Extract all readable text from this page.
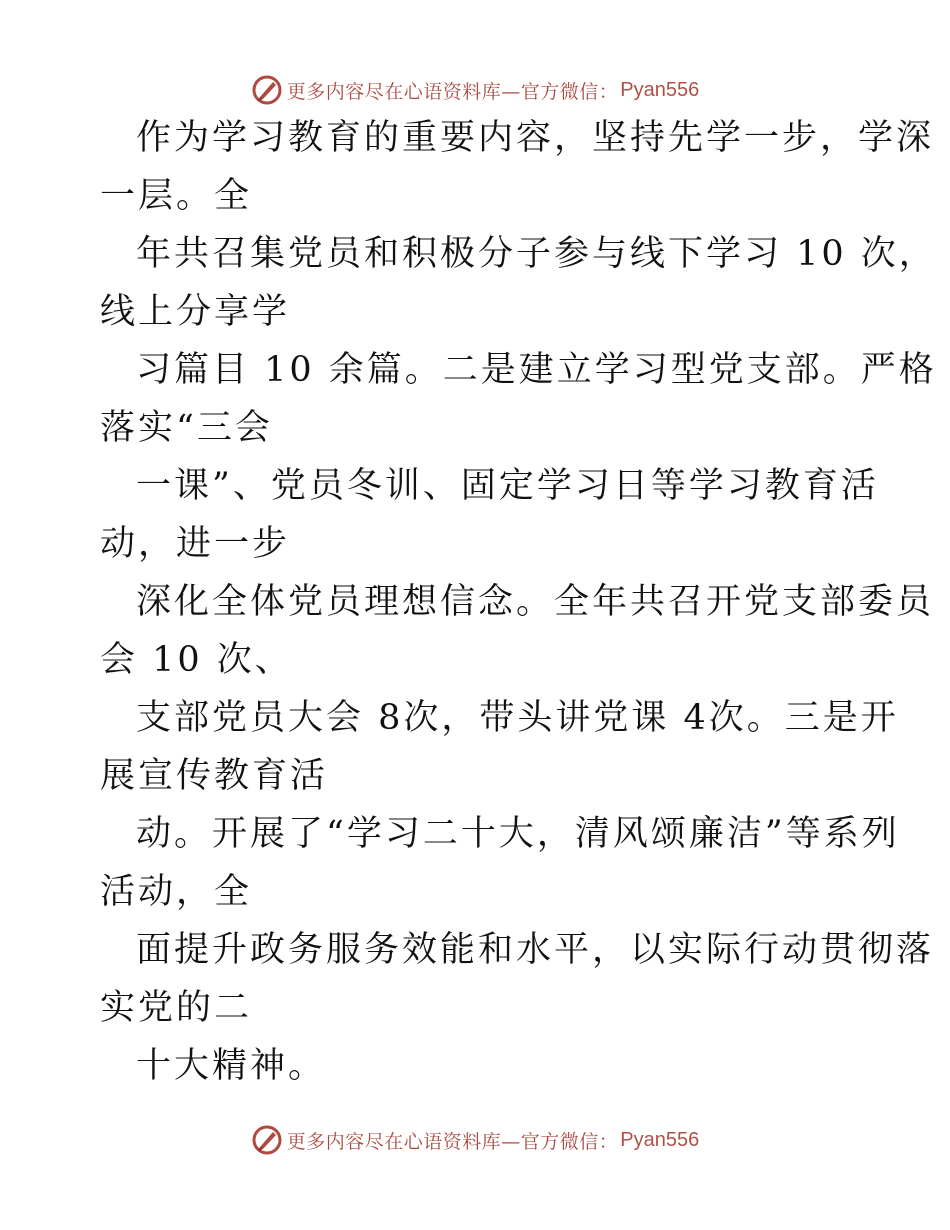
更多内容尽在心语资料库—官方微信： Pyan556
作为学习教育的重要内容，坚持先学一步，学深
一层。全
年共召集党员和积极分子参与线下学习 10 次，
线上分享学
习篇目 10 余篇。二是建立学习型党支部。严格
落实“三会
一课”、党员冬训、固定学习日等学习教育活
动，进一步
深化全体党员理想信念。全年共召开党支部委员
会 10 次、
支部党员大会 8次，带头讲党课 4次。三是开
展宣传教育活
动。开展了“学习二十大，清风颂廉洁”等系列
活动，全
面提升政务服务效能和水平，以实际行动贯彻落
实党的二
十大精神。
更多内容尽在心语资料库—官方微信： Pyan556
